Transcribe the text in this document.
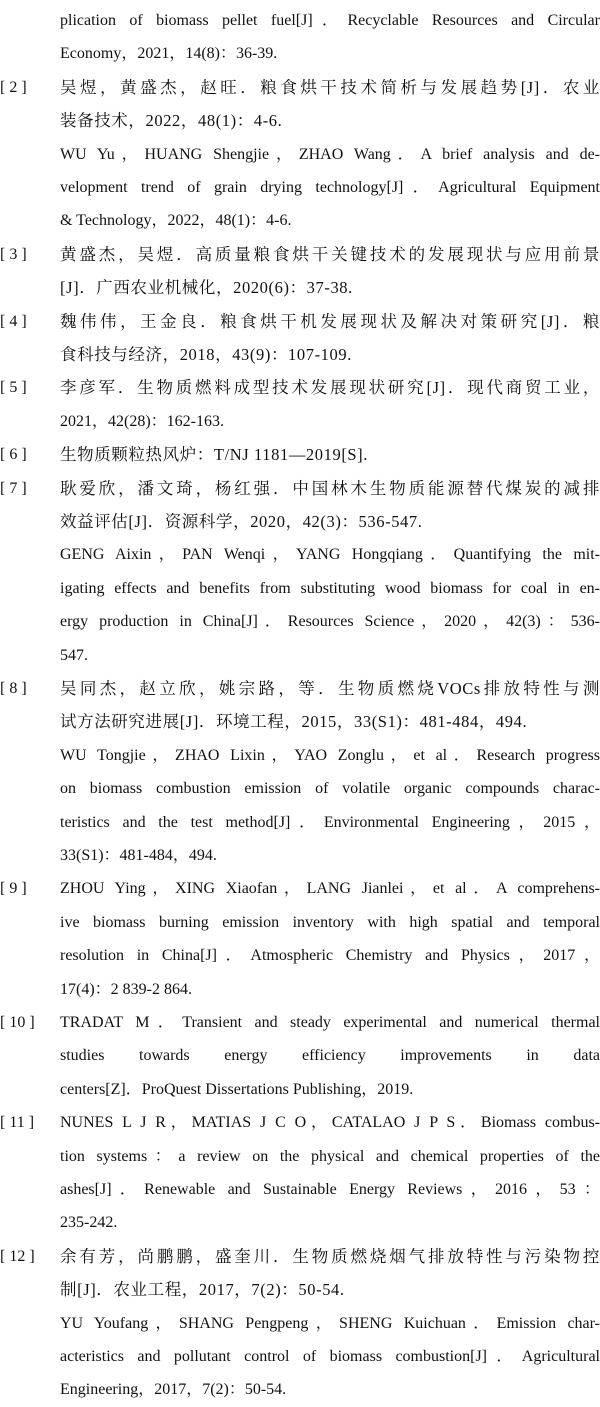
plication of biomass pellet fuel[J]．Recyclable Resources and Circular
Economy，2021，14(8)：36-39.
[ 2 ]	吴煜，黄盛杰，赵旺．粮食烘干技术简析与发展趋势[J]．农业
装备技术，2022，48(1)：4-6.
WU Yu，HUANG Shengjie，ZHAO Wang．A brief analysis and de-
velopment trend of grain drying technology[J]．Agricultural Equipment
& Technology，2022，48(1)：4-6.
[ 3 ]	黄盛杰，吴煜．高质量粮食烘干关键技术的发展现状与应用前景
[J]．广西农业机械化，2020(6)：37-38.
[ 4 ]	魏伟伟，王金良．粮食烘干机发展现状及解决对策研究[J]．粮
食科技与经济，2018，43(9)：107-109.
[ 5 ]	李彦军．生物质燃料成型技术发展现状研究[J]．现代商贸工业，
2021，42(28)：162-163.
[ 6 ]	生物质颗粒热风炉：T/NJ 1181—2019[S].
[ 7 ]	耿爱欣，潘文琦，杨红强．中国林木生物质能源替代煤炭的减排
效益评估[J]．资源科学，2020，42(3)：536-547.
GENG Aixin，PAN Wenqi，YANG Hongqiang．Quantifying the mit-
igating effects and benefits from substituting wood biomass for coal in en-
ergy production in China[J]．Resources Science，2020，42(3)：536-
547.
[ 8 ]	吴同杰，赵立欣，姚宗路，等．生物质燃烧VOCs排放特性与测
试方法研究进展[J]．环境工程，2015，33(S1)：481-484，494.
WU Tongjie，ZHAO Lixin，YAO Zonglu，et al．Research progress
on biomass combustion emission of volatile organic compounds charac-
teristics and the test method[J]．Environmental Engineering，2015，
33(S1)：481-484，494.
[ 9 ]	ZHOU Ying，XING Xiaofan，LANG Jianlei，et al．A comprehens-
ive biomass burning emission inventory with high spatial and temporal
resolution in China[J]．Atmospheric Chemistry and Physics，2017，
17(4)：2 839-2 864.
[ 10 ]	TRADAT M．Transient and steady experimental and numerical thermal
studies towards energy efficiency improvements in data
centers[Z]．ProQuest Dissertations Publishing，2019.
[ 11 ]	NUNES L J R，MATIAS J C O，CATALAO J P S．Biomass combus-
tion systems：a review on the physical and chemical properties of the
ashes[J]．Renewable and Sustainable Energy Reviews，2016，53：
235-242.
[ 12 ]	余有芳，尚鹏鹏，盛奎川．生物质燃烧烟气排放特性与污染物控
制[J]．农业工程，2017，7(2)：50-54.
YU Youfang，SHANG Pengpeng，SHENG Kuichuan．Emission char-
acteristics and pollutant control of biomass combustion[J]．Agricultural
Engineering，2017，7(2)：50-54.
